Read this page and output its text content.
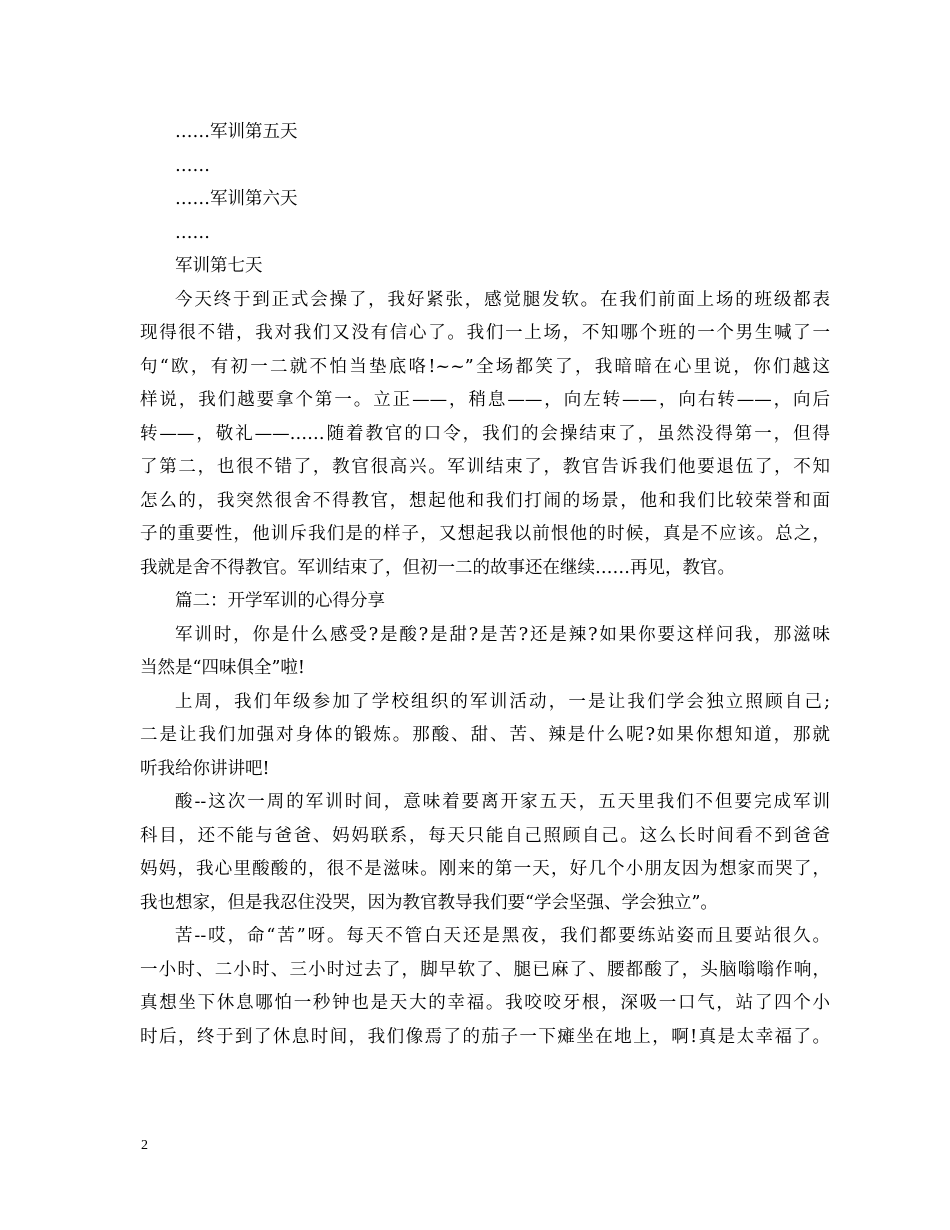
……军训第五天
……
……军训第六天
……
军训第七天
今天终于到正式会操了，我好紧张，感觉腿发软。在我们前面上场的班级都表
现得很不错，我对我们又没有信心了。我们一上场，不知哪个班的一个男生喊了一
句“欧，有初一二就不怕当垫底咯!~~”全场都笑了，我暗暗在心里说，你们越这
样说，我们越要拿个第一。立正——，稍息——，向左转——，向右转——，向后
转——，敬礼——……随着教官的口令，我们的会操结束了，虽然没得第一，但得
了第二，也很不错了，教官很高兴。军训结束了，教官告诉我们他要退伍了，不知
怎么的，我突然很舍不得教官，想起他和我们打闹的场景，他和我们比较荣誉和面
子的重要性，他训斥我们是的样子，又想起我以前恨他的时候，真是不应该。总之，
我就是舍不得教官。军训结束了，但初一二的故事还在继续……再见，教官。
篇二：开学军训的心得分享
军训时，你是什么感受?是酸?是甜?是苦?还是辣?如果你要这样问我，那滋味
当然是“四味俱全”啦!
上周，我们年级参加了学校组织的军训活动，一是让我们学会独立照顾自己;
二是让我们加强对身体的锻炼。那酸、甜、苦、辣是什么呢?如果你想知道，那就
听我给你讲讲吧!
酸--这次一周的军训时间，意味着要离开家五天，五天里我们不但要完成军训
科目，还不能与爸爸、妈妈联系，每天只能自己照顾自己。这么长时间看不到爸爸
妈妈，我心里酸酸的，很不是滋味。刚来的第一天，好几个小朋友因为想家而哭了，
我也想家，但是我忍住没哭，因为教官教导我们要“学会坚强、学会独立”。
苦--哎，命“苦”呀。每天不管白天还是黑夜，我们都要练站姿而且要站很久。
一小时、二小时、三小时过去了，脚早软了、腿已麻了、腰都酸了，头脑嗡嗡作响，
真想坐下休息哪怕一秒钟也是天大的幸福。我咬咬牙根，深吸一口气，站了四个小
时后，终于到了休息时间，我们像焉了的茄子一下瘫坐在地上，啊!真是太幸福了。
2
